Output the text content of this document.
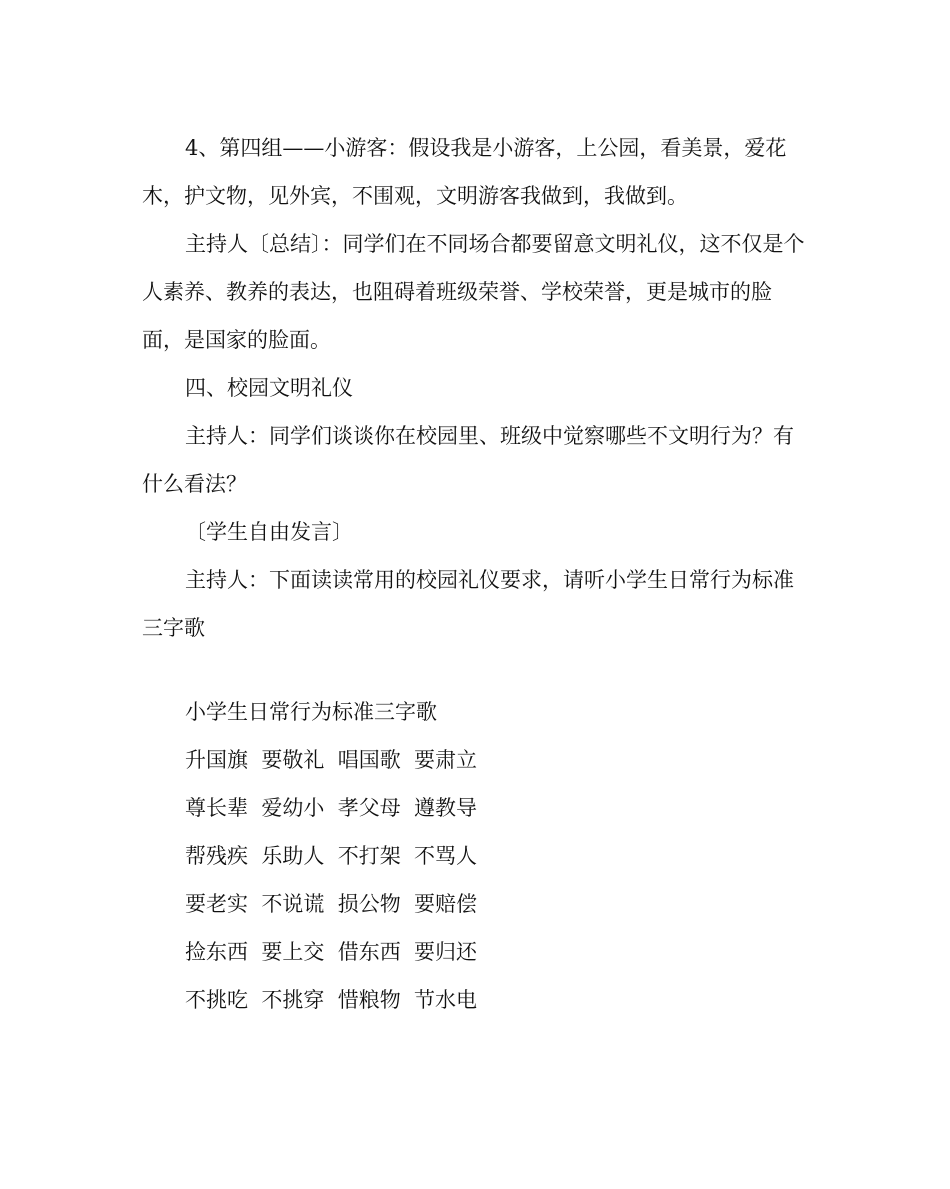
4、第四组——小游客：假设我是小游客，上公园，看美景，爱花木，护文物，见外宾，不围观，文明游客我做到，我做到。

主持人〔总结〕：同学们在不同场合都要留意文明礼仪，这不仅是个人素养、教养的表达，也阻碍着班级荣誉、学校荣誉，更是城市的脸面，是国家的脸面。

四、校园文明礼仪

主持人：同学们谈谈你在校园里、班级中觉察哪些不文明行为？有什么看法？

〔学生自由发言〕

主持人：下面读读常用的校园礼仪要求，请听小学生日常行为标准三字歌

小学生日常行为标准三字歌

升国旗  要敬礼  唱国歌  要肃立

尊长辈  爱幼小  孝父母  遵教导

帮残疾  乐助人  不打架  不骂人

要老实  不说谎  损公物  要赔偿

捡东西  要上交  借东西  要归还

不挑吃  不挑穿  惜粮物  节水电
